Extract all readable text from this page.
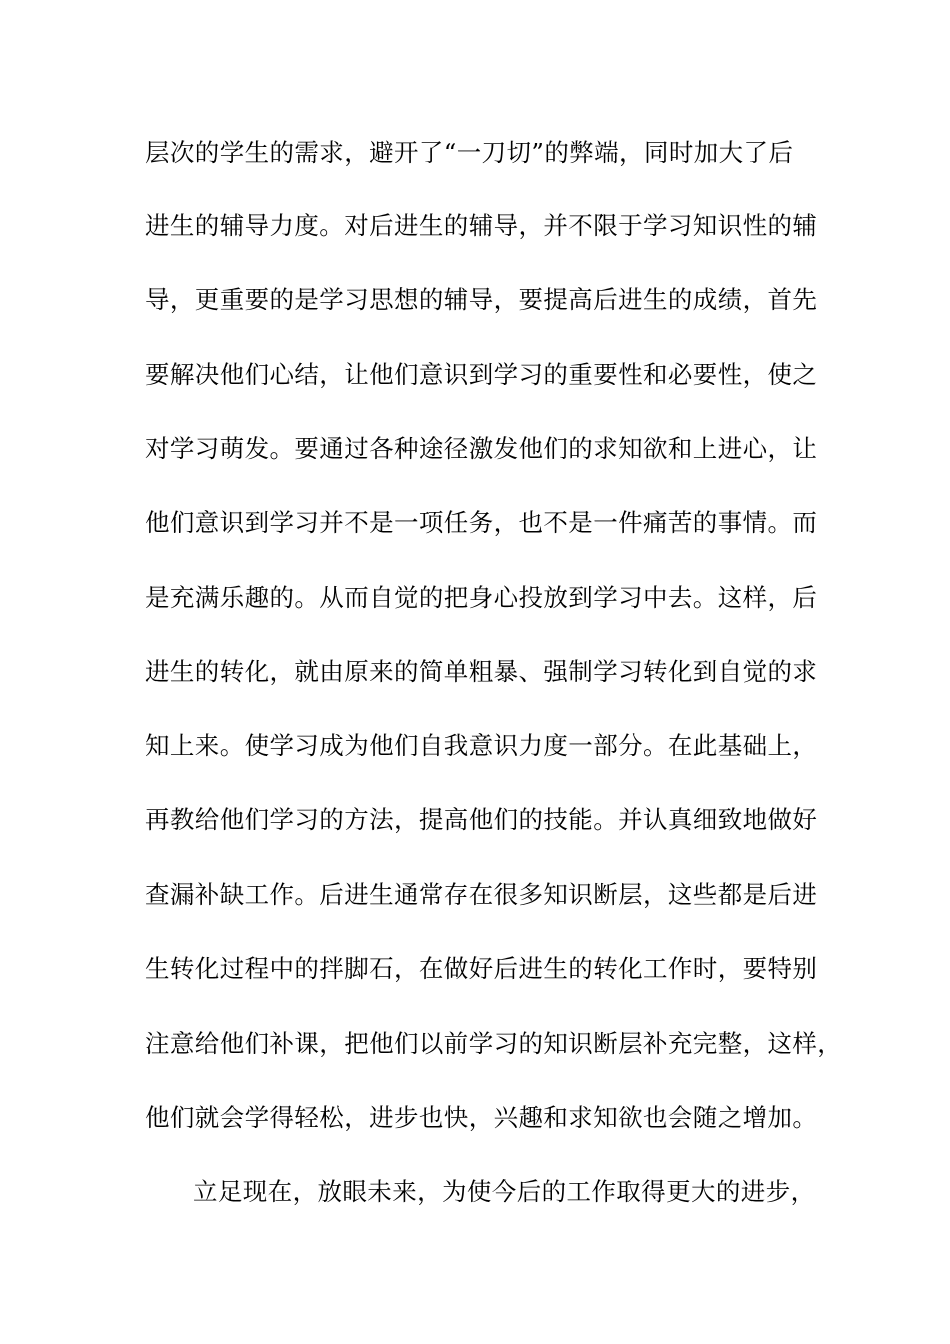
层次的学生的需求，避开了“一刀切”的弊端，同时加大了后
进生的辅导力度。对后进生的辅导，并不限于学习知识性的辅
导，更重要的是学习思想的辅导，要提高后进生的成绩，首先
要解决他们心结，让他们意识到学习的重要性和必要性，使之
对学习萌发。要通过各种途径激发他们的求知欲和上进心，让
他们意识到学习并不是一项任务，也不是一件痛苦的事情。而
是充满乐趣的。从而自觉的把身心投放到学习中去。这样，后
进生的转化，就由原来的简单粗暴、强制学习转化到自觉的求
知上来。使学习成为他们自我意识力度一部分。在此基础上，
再教给他们学习的方法，提高他们的技能。并认真细致地做好
查漏补缺工作。后进生通常存在很多知识断层，这些都是后进
生转化过程中的拌脚石，在做好后进生的转化工作时，要特别
注意给他们补课，把他们以前学习的知识断层补充完整，这样，
他们就会学得轻松，进步也快，兴趣和求知欲也会随之增加。
立足现在，放眼未来，为使今后的工作取得更大的进步，
